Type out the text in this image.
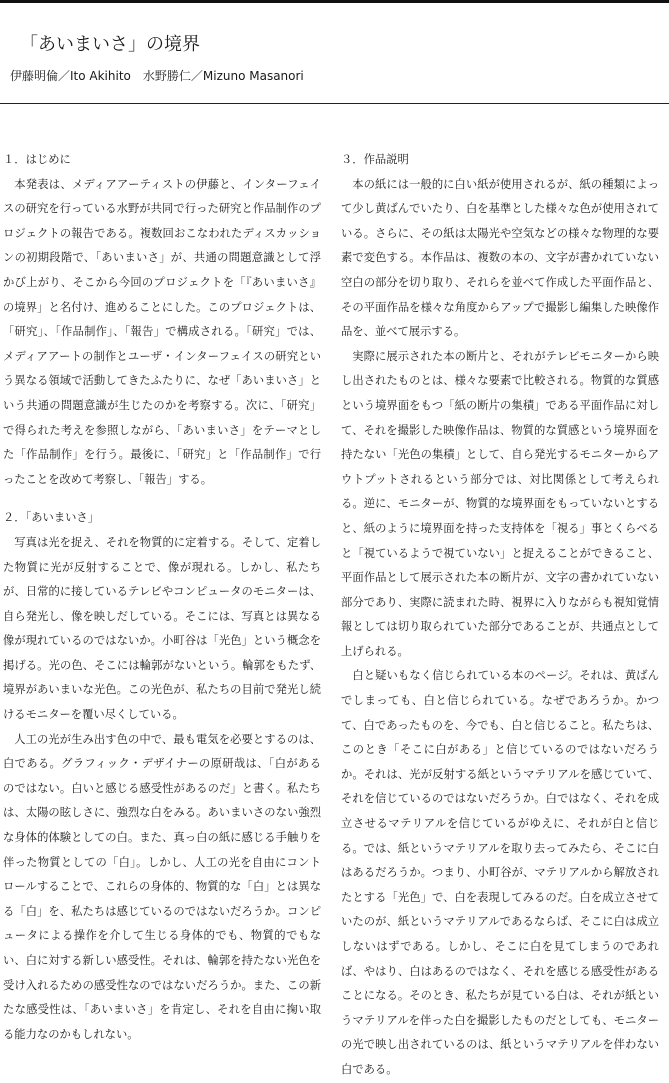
「あいまいさ」の境界

伊藤明倫／Ito Akihito　水野勝仁／Mizuno Masanori

１．はじめに

本発表は、メディアアーティストの伊藤と、インターフェイスの研究を行っている水野が共同で行った研究と作品制作のプロジェクトの報告である。複数回おこなわれたディスカッションの初期段階で、「あいまいさ」が、共通の問題意識として浮かび上がり、そこから今回のプロジェクトを「『あいまいさ』の境界」と名付け、進めることにした。このプロジェクトは、「研究」、「作品制作」、「報告」で構成される。「研究」では、メディアアートの制作とユーザ・インターフェイスの研究という異なる領域で活動してきたふたりに、なぜ「あいまいさ」という共通の問題意識が生じたのかを考察する。次に、「研究」で得られた考えを参照しながら、「あいまいさ」をテーマとした「作品制作」を行う。最後に、「研究」と「作品制作」で行ったことを改めて考察し、「報告」する。

２．「あいまいさ」

写真は光を捉え、それを物質的に定着する。そして、定着した物質に光が反射することで、像が現れる。しかし、私たちが、日常的に接しているテレビやコンピュータのモニターは、自ら発光し、像を映しだしている。そこには、写真とは異なる像が現れているのではないか。小町谷は「光色」という概念を掲げる。光の色、そこには輪郭がないという。輪郭をもたず、境界があいまいな光色。この光色が、私たちの目前で発光し続けるモニターを覆い尽くしている。

人工の光が生み出す色の中で、最も電気を必要とするのは、白である。グラフィック・デザイナーの原研哉は、「白があるのではない。白いと感じる感受性があるのだ」と書く。私たちは、太陽の眩しさに、強烈な白をみる。あいまいさのない強烈な身体的体験としての白。また、真っ白の紙に感じる手触りを伴った物質としての「白」。しかし、人工の光を自由にコントロールすることで、これらの身体的、物質的な「白」とは異なる「白」を、私たちは感じているのではないだろうか。コンピュータによる操作を介して生じる身体的でも、物質的でもない、白に対する新しい感受性。それは、輪郭を持たない光色を受け入れるための感受性なのではないだろうか。また、この新たな感受性は、「あいまいさ」を肯定し、それを自由に掬い取る能力なのかもしれない。

３．作品説明

本の紙には一般的に白い紙が使用されるが、紙の種類によって少し黄ばんでいたり、白を基準とした様々な色が使用されている。さらに、その紙は太陽光や空気などの様々な物理的な要素で変色する。本作品は、複数の本の、文字が書かれていない空白の部分を切り取り、それらを並べて作成した平面作品と、その平面作品を様々な角度からアップで撮影し編集した映像作品を、並べて展示する。

実際に展示された本の断片と、それがテレビモニターから映し出されたものとは、様々な要素で比較される。物質的な質感という境界面をもつ「紙の断片の集積」である平面作品に対して、それを撮影した映像作品は、物質的な質感という境界面を持たない「光色の集積」として、自ら発光するモニターからアウトプットされるという部分では、対比関係として考えられる。逆に、モニターが、物質的な境界面をもっていないとすると、紙のように境界面を持った支持体を「視る」事とくらべると「視ているようで視ていない」と捉えることができること、平面作品として展示された本の断片が、文字の書かれていない部分であり、実際に読まれた時、視界に入りながらも視知覚情報としては切り取られていた部分であることが、共通点として上げられる。

白と疑いもなく信じられている本のページ。それは、黄ばんでしまっても、白と信じられている。なぜであろうか。かつて、白であったものを、今でも、白と信じること。私たちは、このとき「そこに白がある」と信じているのではないだろうか。それは、光が反射する紙というマテリアルを感じていて、それを信じているのではないだろうか。白ではなく、それを成立させるマテリアルを信じているがゆえに、それが白と信じる。では、紙というマテリアルを取り去ってみたら、そこに白はあるだろうか。つまり、小町谷が、マテリアルから解放されたとする「光色」で、白を表現してみるのだ。白を成立させていたのが、紙というマテリアルであるならば、そこに白は成立しないはずである。しかし、そこに白を見てしまうのであれば、やはり、白はあるのではなく、それを感じる感受性があることになる。そのとき、私たちが見ている白は、それが紙というマテリアルを伴った白を撮影したものだとしても、モニターの光で映し出されているのは、紙というマテリアルを伴わない白である。
